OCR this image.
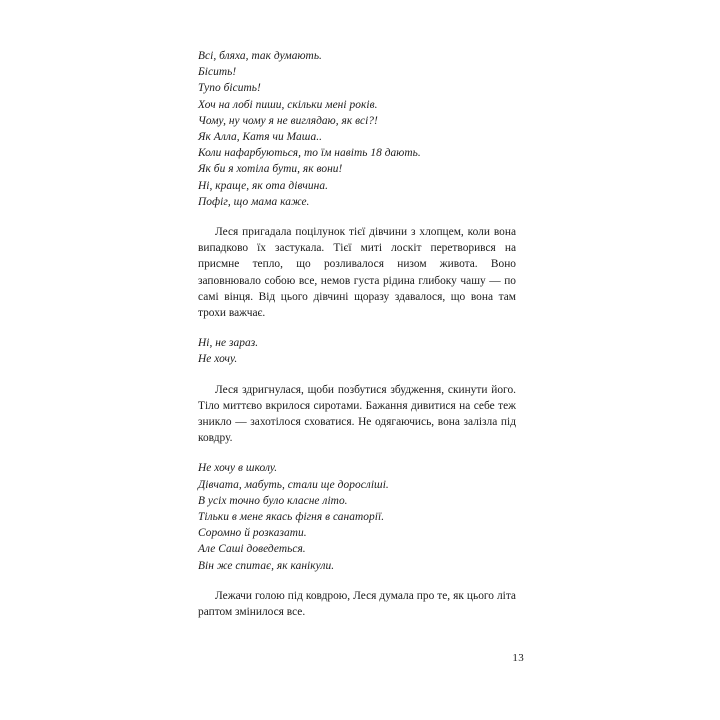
Всі, бляха, так думають.

Бісить!

Тупо бісить!

Хоч на лобі пиши, скільки мені років.

Чому, ну чому я не виглядаю, як всі?!

Як Алла, Катя чи Маша..

Коли нафарбуються, то їм навіть 18 дають.

Як би я хотіла бути, як вони!

Ні, краще, як ота дівчина.

Пофіг, що мама каже.

Леся пригадала поцілунок тієї дівчини з хлопцем, коли вона випадково їх застукала. Тієї миті лоскіт перетворився на присмне тепло, що розливалося низом живота. Воно заповнювало собою все, немов густа рідина глибоку чашу — по самі вінця. Від цього дівчині щоразу здавалося, що вона там трохи важчає.

Ні, не зараз.

Не хочу.

Леся здригнулася, щоби позбутися збудження, скинути його. Тіло миттєво вкрилося сиротами. Бажання дивитися на себе теж зникло — захотілося сховатися. Не одягаючись, вона залізла під ковдру.

Не хочу в школу.

Дівчата, мабуть, стали ще дорослішi.

В усіх точно було класне літо.

Тільки в мене якась фігня в санаторії.

Соромно й розказати.

Але Саші доведеться.

Він же спитає, як канікули.

Лежачи голою під ковдрою, Леся думала про те, як цього літа раптом змінилося все.

13
